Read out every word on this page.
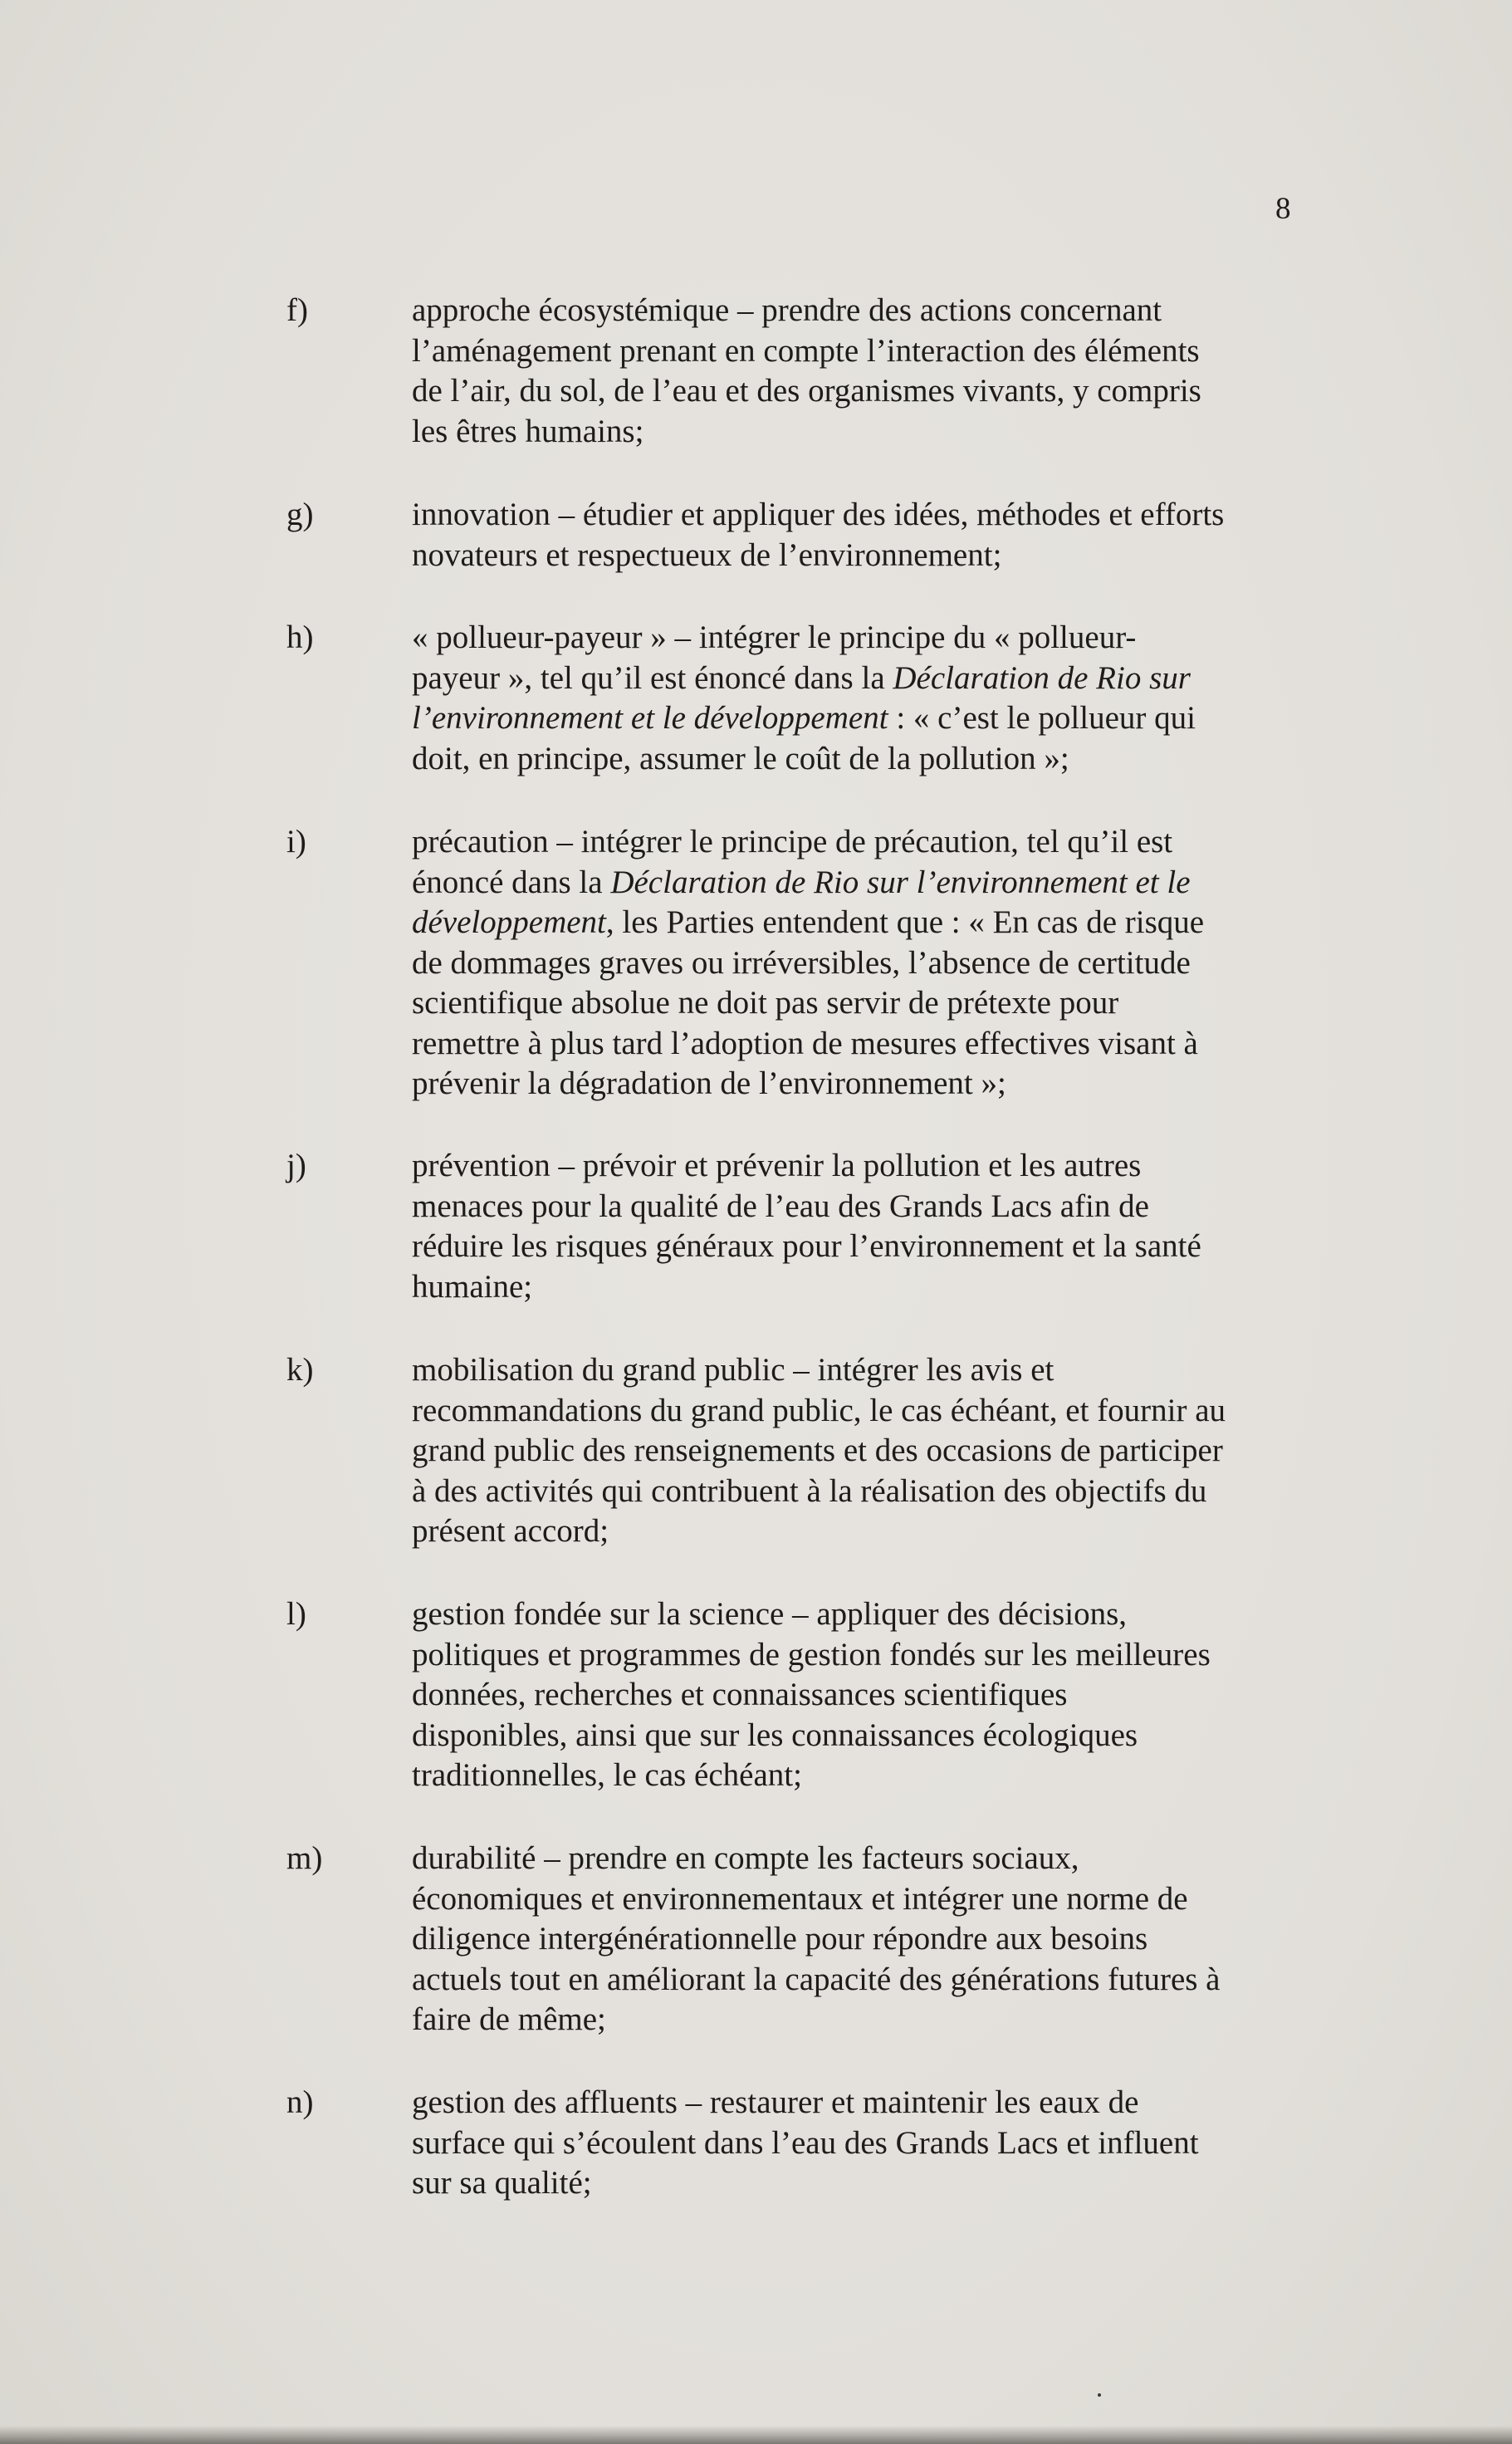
8
f)	approche écosystémique – prendre des actions concernant
l’aménagement prenant en compte l’interaction des éléments
de l’air, du sol, de l’eau et des organismes vivants, y compris
les êtres humains;
g)	innovation – étudier et appliquer des idées, méthodes et efforts
novateurs et respectueux de l’environnement;
h)	« pollueur-payeur » – intégrer le principe du « pollueur-
payeur », tel qu’il est énoncé dans la Déclaration de Rio sur
l’environnement et le développement : « c’est le pollueur qui
doit, en principe, assumer le coût de la pollution »;
i)	précaution – intégrer le principe de précaution, tel qu’il est
énoncé dans la Déclaration de Rio sur l’environnement et le
développement, les Parties entendent que : « En cas de risque
de dommages graves ou irréversibles, l’absence de certitude
scientifique absolue ne doit pas servir de prétexte pour
remettre à plus tard l’adoption de mesures effectives visant à
prévenir la dégradation de l’environnement »;
j)	prévention – prévoir et prévenir la pollution et les autres
menaces pour la qualité de l’eau des Grands Lacs afin de
réduire les risques généraux pour l’environnement et la santé
humaine;
k)	mobilisation du grand public – intégrer les avis et
recommandations du grand public, le cas échéant, et fournir au
grand public des renseignements et des occasions de participer
à des activités qui contribuent à la réalisation des objectifs du
présent accord;
l)	gestion fondée sur la science – appliquer des décisions,
politiques et programmes de gestion fondés sur les meilleures
données, recherches et connaissances scientifiques
disponibles, ainsi que sur les connaissances écologiques
traditionnelles, le cas échéant;
m)	durabilité – prendre en compte les facteurs sociaux,
économiques et environnementaux et intégrer une norme de
diligence intergénérationnelle pour répondre aux besoins
actuels tout en améliorant la capacité des générations futures à
faire de même;
n)	gestion des affluents – restaurer et maintenir les eaux de
surface qui s’écoulent dans l’eau des Grands Lacs et influent
sur sa qualité;
